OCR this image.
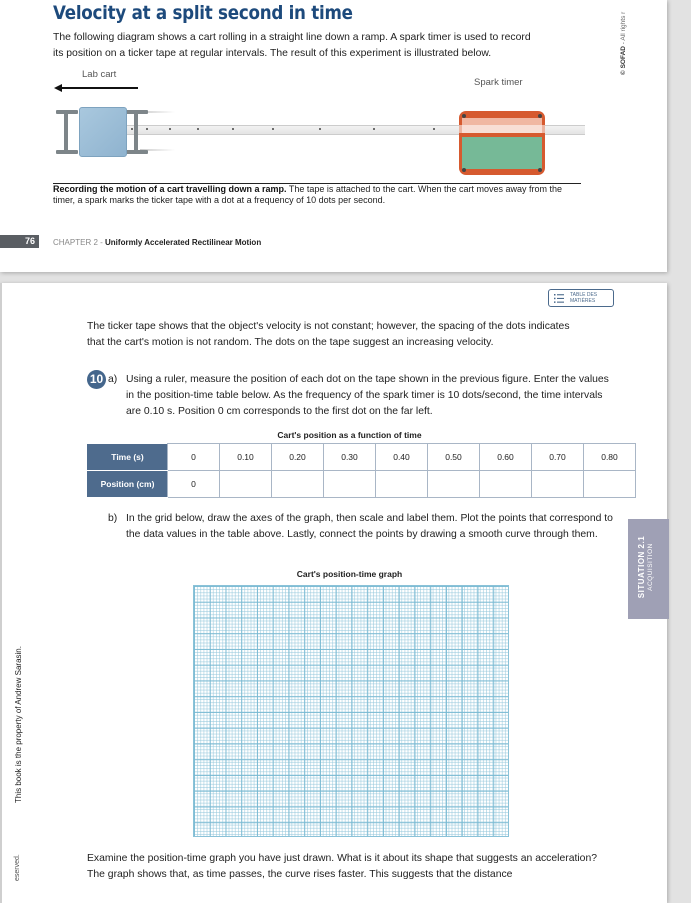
Velocity at a split second in time
The following diagram shows a cart rolling in a straight line down a ramp. A spark timer is used to record
its position on a ticker tape at regular intervals. The result of this experiment is illustrated below.
Lab cart
Spark timer
Recording the motion of a cart travelling down a ramp. The tape is attached to the cart. When the cart moves away from the timer, a spark marks the ticker tape with a dot at a frequency of 10 dots per second.
76	CHAPTER 2 - Uniformly Accelerated Rectilinear Motion
© SOFAD - All rights r
TABLE DES
MATIÈRES
The ticker tape shows that the object's velocity is not constant; however, the spacing of the dots indicates
that the cart's motion is not random. The dots on the tape suggest an increasing velocity.
10 a) Using a ruler, measure the position of each dot on the tape shown in the previous figure. Enter the values in the position-time table below. As the frequency of the spark timer is 10 dots/second, the time intervals are 0.10 s. Position 0 cm corresponds to the first dot on the far left.
Cart's position as a function of time
Time (s)	0	0.10	0.20	0.30	0.40	0.50	0.60	0.70	0.80
Position (cm)	0								
b) In the grid below, draw the axes of the graph, then scale and label them. Plot the points that correspond to the data values in the table above. Lastly, connect the points by drawing a smooth curve through them.
Cart's position-time graph
Examine the position-time graph you have just drawn. What is it about its shape that suggests an acceleration? The graph shows that, as time passes, the curve rises faster. This suggests that the distance
SITUATION 2.1 ACQUISITION
This book is the property of Andrew Sarasin.
eserved.
